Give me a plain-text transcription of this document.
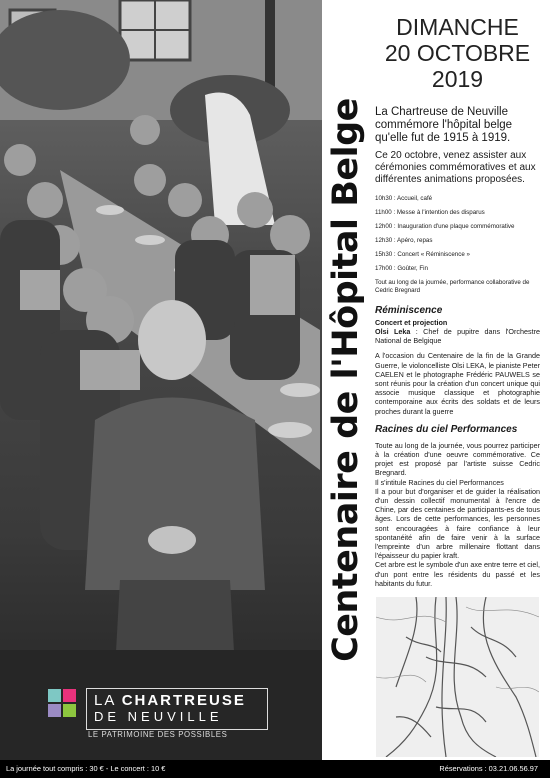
Centenaire de l'Hôpital Belge
DIMANCHE
20 OCTOBRE
2019
La Chartreuse de Neuville commémore l'hôpital belge qu'elle fut de 1915 à 1919.
Ce 20 octobre, venez assister aux cérémonies commémoratives et aux différentes animations proposées.
10h30 : Accueil, café
11h00 : Messe à l'intention des disparus
12h00 : Inauguration d'une plaque commémorative
12h30 : Apéro, repas
15h30 : Concert « Réminiscence »
17h00 : Goûter, Fin
Tout au long de la journée, performance collaborative de Cedric Bregnard
Réminiscence
Concert et projection
Olsi Leka : Chef de pupitre dans l'Orchestre National de Belgique
A l'occasion du Centenaire de la fin de la Grande Guerre, le violoncelliste Olsi LEKA, le pianiste Peter CAELEN et le photographe Frédéric PAUWELS se sont réunis pour la création d'un concert unique qui associe musique classique et photographie contemporaine aux écrits des soldats et de leurs proches durant la guerre
Racines du ciel Performances
Toute au long de la journée, vous pourrez participer à la création d'une oeuvre commémorative. Ce projet est proposé par l'artiste suisse Cedric Bregnard.
Il s'intitule Racines du ciel Performances
Il a pour but d'organiser et de guider la réalisation d'un dessin collectif monumental à l'encre de Chine, par des centaines de participants-es de tous âges. Lors de cette performances, les personnes sont encouragées à faire confiance à leur spontanéité afin de faire venir à la surface l'empreinte d'un arbre millenaire flottant dans l'épaisseur du papier kraft.
Cet arbre est le symbole d'un axe entre terre et ciel, d'un pont entre les résidents du passé et les habitants du futur.
LA CHARTREUSE
DE NEUVILLE
LE PATRIMOINE DES POSSIBLES
La journée tout compris : 30 € - Le concert : 10 €	Réservations : 03.21.06.56.97
